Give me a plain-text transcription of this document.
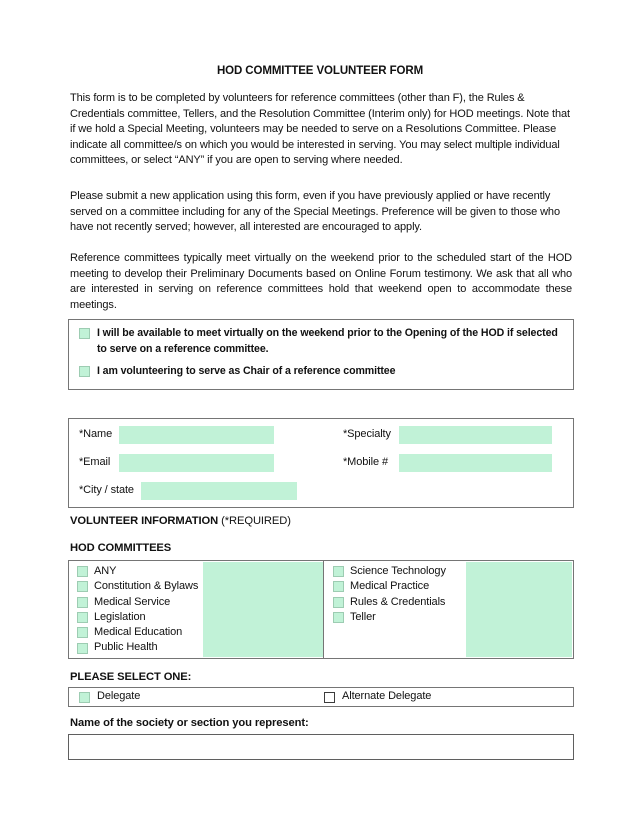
HOD COMMITTEE VOLUNTEER FORM
This form is to be completed by volunteers for reference committees (other than F), the Rules & Credentials committee, Tellers, and the Resolution Committee (Interim only) for HOD meetings. Note that if we hold a Special Meeting, volunteers may be needed to serve on a Resolutions Committee. Please indicate all committee/s on which you would be interested in serving. You may select multiple individual committees, or select “ANY” if you are open to serving where needed.
Please submit a new application using this form, even if you have previously applied or have recently served on a committee including for any of the Special Meetings. Preference will be given to those who have not recently served; however, all interested are encouraged to apply.
Reference committees typically meet virtually on the weekend prior to the scheduled start of the HOD meeting to develop their Preliminary Documents based on Online Forum testimony. We ask that all who are interested in serving on reference committees hold that weekend open to accommodate these meetings.
I will be available to meet virtually on the weekend prior to the Opening of the HOD if selected to serve on a reference committee.
I am volunteering to serve as Chair of a reference committee
*Name	*Specialty
*Email	*Mobile #
*City / state
VOLUNTEER INFORMATION (*REQUIRED)
HOD COMMITTEES
ANY
Constitution & Bylaws
Medical Service
Legislation
Medical Education
Public Health
Science Technology
Medical Practice
Rules & Credentials
Teller
PLEASE SELECT ONE:
Delegate	Alternate Delegate
Name of the society or section you represent:
